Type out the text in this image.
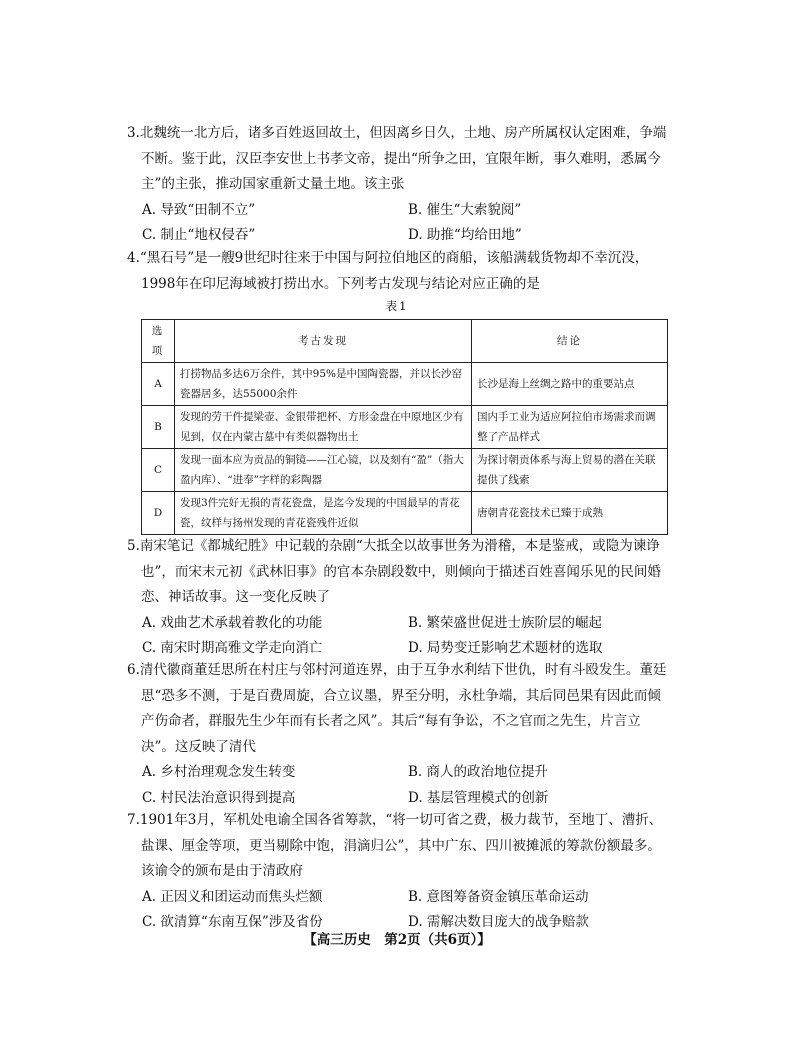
3.北魏统一北方后，诸多百姓返回故土，但因离乡日久，土地、房产所属权认定困难，争端不断。鉴于此，汉臣李安世上书孝文帝，提出“所争之田，宜限年断，事久难明，悉属今主”的主张，推动国家重新丈量土地。该主张

A. 导致“田制不立”	B. 催生“大索貌阅”
C. 制止“地权侵吞”	D. 助推“均给田地”

4.“黑石号”是一艘9世纪时往来于中国与阿拉伯地区的商船，该船满载货物却不幸沉没，1998年在印尼海域被打捞出水。下列考古发现与结论对应正确的是

表1
选项	考古发现	结论
A	打捞物品多达6万余件，其中95%是中国陶瓷器，并以长沙窑瓷器居多，达55000余件	长沙是海上丝绸之路中的重要站点
B	发现的劳干件提梁壶、金银带把杯、方形金盘在中原地区少有见到，仅在内蒙古墓中有类似器物出土	国内手工业为适应阿拉伯市场需求而调整了产品样式
C	发现一面本应为贡品的铜镜——江心镜，以及刻有“盈”（指大盈内库）、“进奉”字样的彩陶器	为探讨朝贡体系与海上贸易的潜在关联提供了线索
D	发现3件完好无损的青花瓷盘，是迄今发现的中国最早的青花瓷，纹样与扬州发现的青花瓷残件近似	唐朝青花瓷技术已臻于成熟

5.南宋笔记《都城纪胜》中记载的杂剧“大抵全以故事世务为滑稽，本是鉴戒，或隐为谏诤也”，而宋末元初《武林旧事》的官本杂剧段数中，则倾向于描述百姓喜闻乐见的民间婚恋、神话故事。这一变化反映了

A. 戏曲艺术承载着教化的功能	B. 繁荣盛世促进士族阶层的崛起
C. 南宋时期高雅文学走向消亡	D. 局势变迁影响艺术题材的选取

6.清代徽商董廷思所在村庄与邻村河道连界，由于互争水利结下世仇，时有斗殴发生。董廷思“恐多不测，于是百费周旋，合立议墨，界至分明，永杜争端，其后同邑果有因此而倾产伤命者，群服先生少年而有长者之风”。其后“每有争讼，不之官而之先生，片言立决”。这反映了清代

A. 乡村治理观念发生转变	B. 商人的政治地位提升
C. 村民法治意识得到提高	D. 基层管理模式的创新

7.1901年3月，军机处电谕全国各省筹款，“将一切可省之费，极力裁节，至地丁、漕折、盐课、厘金等项，更当剔除中饱，涓滴归公”，其中广东、四川被摊派的筹款份额最多。该谕令的颁布是由于清政府

A. 正因义和团运动而焦头烂额	B. 意图筹备资金镇压革命运动
C. 欲清算“东南互保”涉及省份	D. 需解决数目庞大的战争赔款
【高三历史　第2页（共6页）】
